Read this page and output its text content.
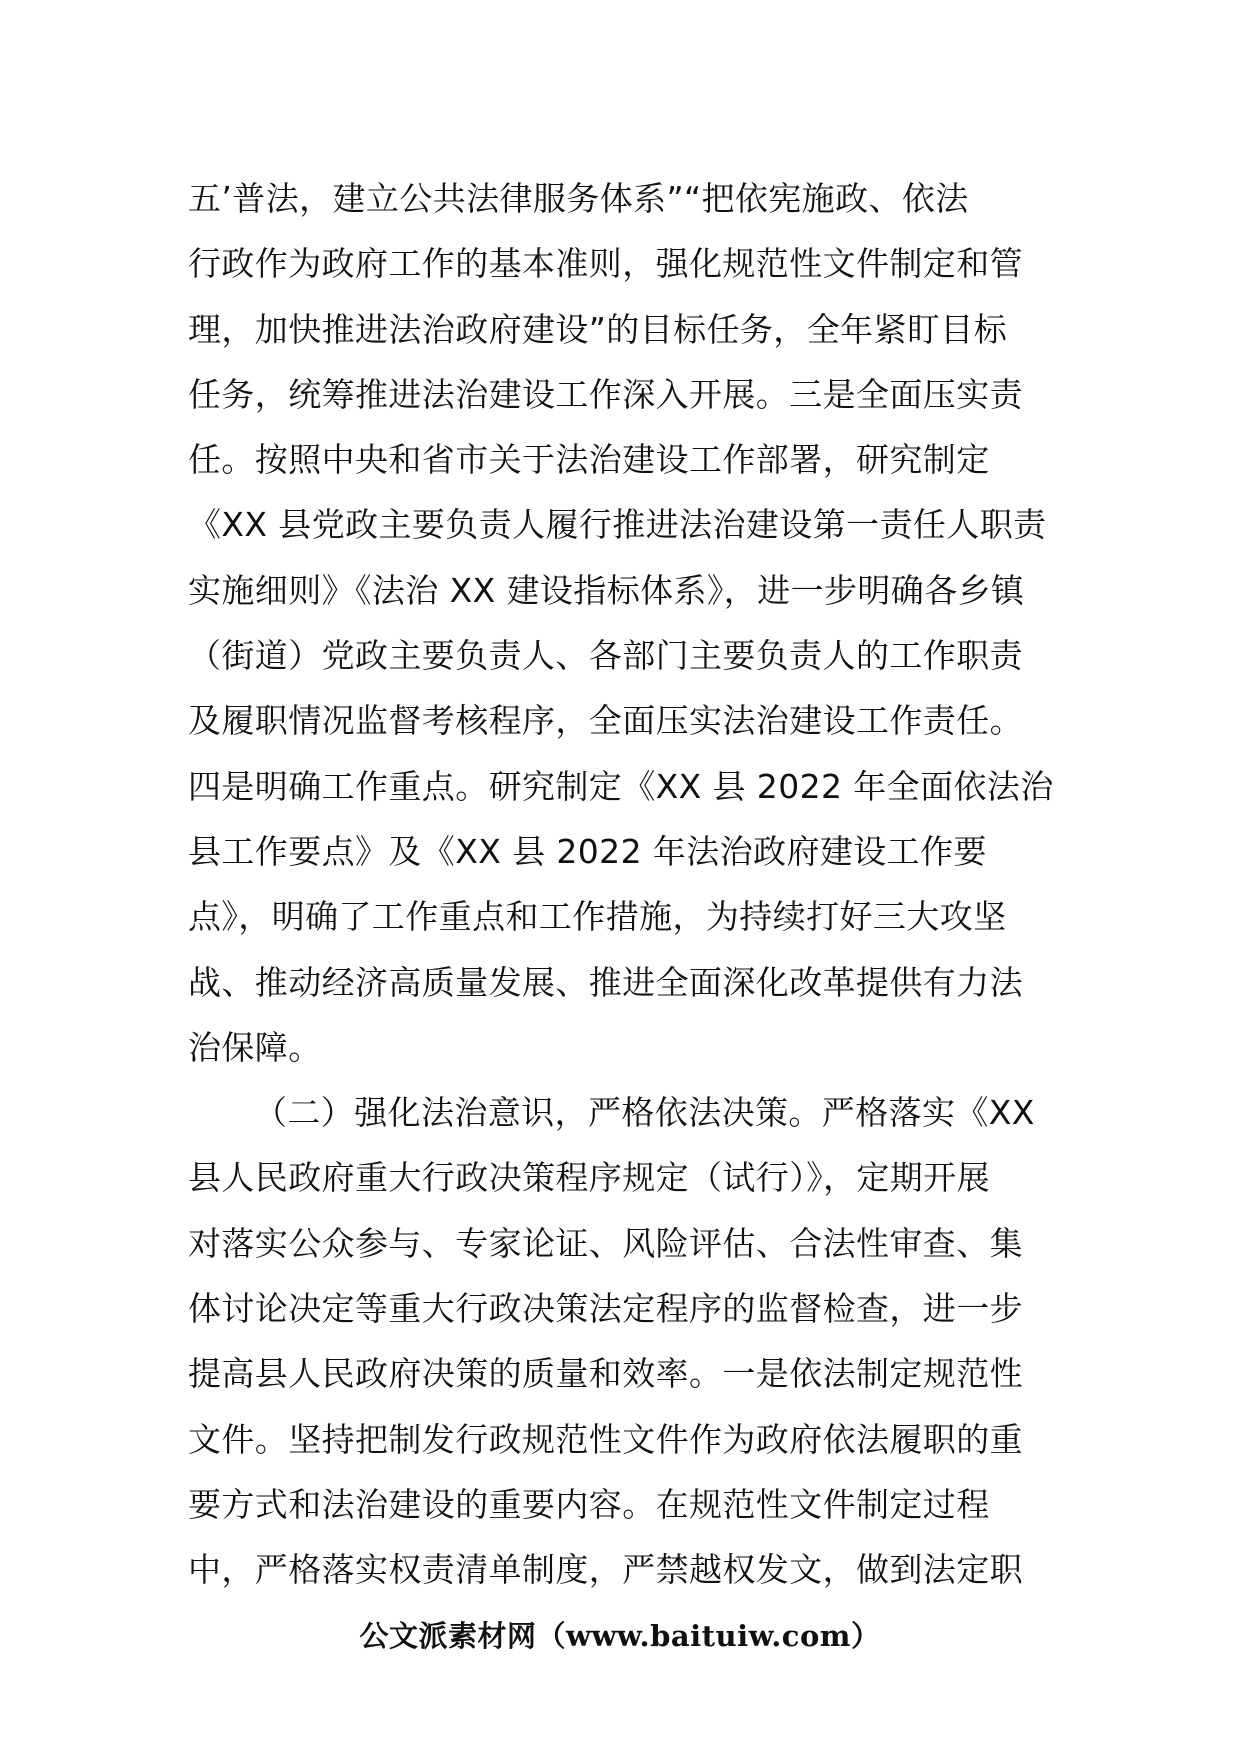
五’普法，建立公共法律服务体系”“把依宪施政、依法
行政作为政府工作的基本准则，强化规范性文件制定和管
理，加快推进法治政府建设”的目标任务，全年紧盯目标
任务，统筹推进法治建设工作深入开展。三是全面压实责
任。按照中央和省市关于法治建设工作部署，研究制定
《XX 县党政主要负责人履行推进法治建设第一责任人职责
实施细则》《法治 XX 建设指标体系》，进一步明确各乡镇
（街道）党政主要负责人、各部门主要负责人的工作职责
及履职情况监督考核程序，全面压实法治建设工作责任。
四是明确工作重点。研究制定《XX 县 2022 年全面依法治
县工作要点》及《XX 县 2022 年法治政府建设工作要
点》，明确了工作重点和工作措施，为持续打好三大攻坚
战、推动经济高质量发展、推进全面深化改革提供有力法
治保障。
（二）强化法治意识，严格依法决策。严格落实《XX
县人民政府重大行政决策程序规定（试行）》，定期开展
对落实公众参与、专家论证、风险评估、合法性审查、集
体讨论决定等重大行政决策法定程序的监督检查，进一步
提高县人民政府决策的质量和效率。一是依法制定规范性
文件。坚持把制发行政规范性文件作为政府依法履职的重
要方式和法治建设的重要内容。在规范性文件制定过程
中，严格落实权责清单制度，严禁越权发文，做到法定职
公文派素材网（www.baituiw.com）
